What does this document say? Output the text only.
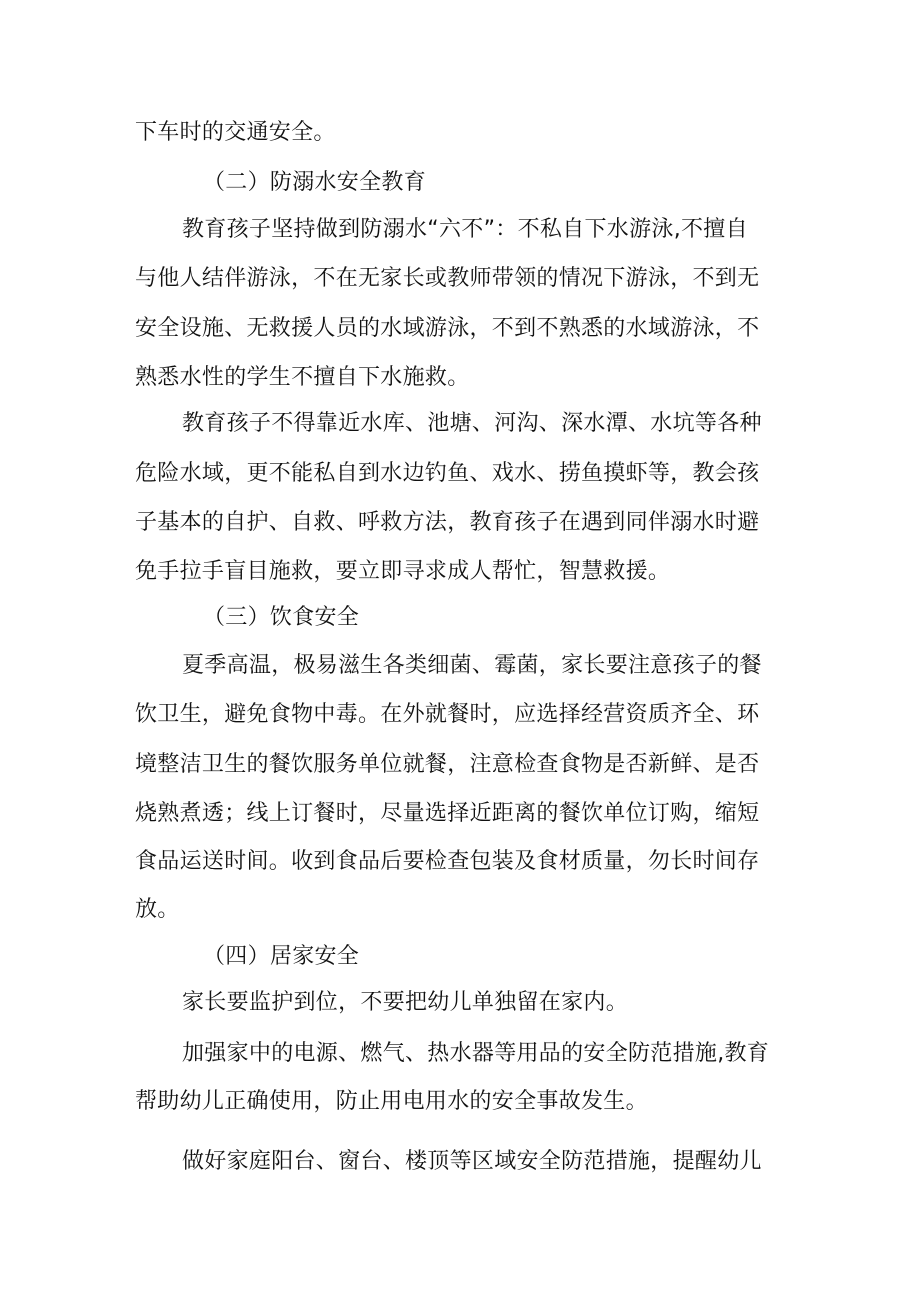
下车时的交通安全。
（二）防溺水安全教育
教育孩子坚持做到防溺水“六不”：不私自下水游泳,不擅自
与他人结伴游泳，不在无家长或教师带领的情况下游泳，不到无
安全设施、无救援人员的水域游泳，不到不熟悉的水域游泳，不
熟悉水性的学生不擅自下水施救。
教育孩子不得靠近水库、池塘、河沟、深水潭、水坑等各种
危险水域，更不能私自到水边钓鱼、戏水、捞鱼摸虾等，教会孩
子基本的自护、自救、呼救方法，教育孩子在遇到同伴溺水时避
免手拉手盲目施救，要立即寻求成人帮忙，智慧救援。
（三）饮食安全
夏季高温，极易滋生各类细菌、霉菌，家长要注意孩子的餐
饮卫生，避免食物中毒。在外就餐时，应选择经营资质齐全、环
境整洁卫生的餐饮服务单位就餐，注意检查食物是否新鲜、是否
烧熟煮透；线上订餐时，尽量选择近距离的餐饮单位订购，缩短
食品运送时间。收到食品后要检查包装及食材质量，勿长时间存
放。
（四）居家安全
家长要监护到位，不要把幼儿单独留在家内。
加强家中的电源、燃气、热水器等用品的安全防范措施,教育
帮助幼儿正确使用，防止用电用水的安全事故发生。
做好家庭阳台、窗台、楼顶等区域安全防范措施，提醒幼儿
